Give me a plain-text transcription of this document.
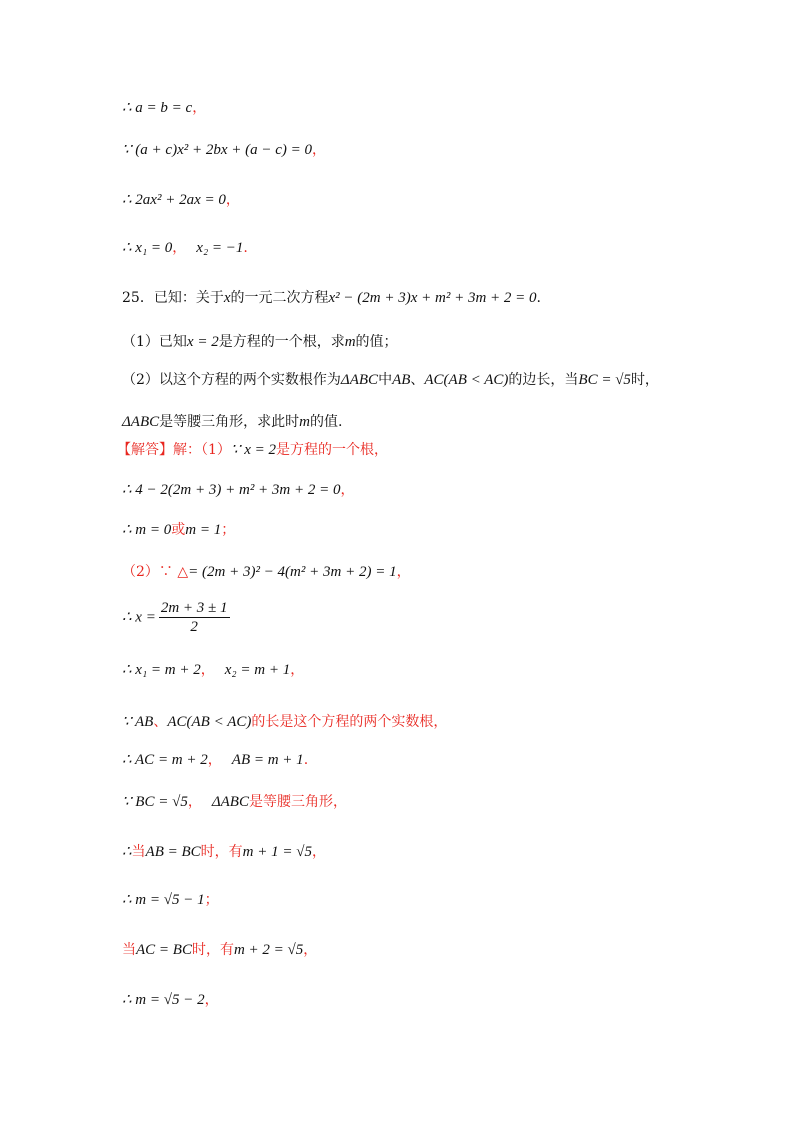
∴ a = b = c，
∵ (a + c)x² + 2bx + (a − c) = 0，
∴ 2ax² + 2ax = 0，
∴ x₁ = 0， x₂ = −1.
25．已知：关于x的一元二次方程x² − (2m + 3)x + m² + 3m + 2 = 0.
（1）已知x = 2是方程的一个根，求m的值；
（2）以这个方程的两个实数根作为ΔABC中AB、AC(AB < AC)的边长，当BC = √5时，
ΔABC是等腰三角形，求此时m的值.
【解答】解：（1）∵ x = 2是方程的一个根，
∴ 4 − 2(2m + 3) + m² + 3m + 2 = 0，
∴ m = 0或m = 1；
（2）∵ △= (2m + 3)² − 4(m² + 3m + 2) = 1，
∴ $x = \frac{2m + 3 \pm 1}{2}$
∴ x₁ = m + 2， x₂ = m + 1，
∵ AB、AC(AB < AC)的长是这个方程的两个实数根，
∴ AC = m + 2， AB = m + 1.
∵ BC = √5， ΔABC是等腰三角形，
∴当AB = BC时，有m + 1 = √5，
∴ m = √5 − 1；
当AC = BC时，有m + 2 = √5，
∴ m = √5 − 2，
